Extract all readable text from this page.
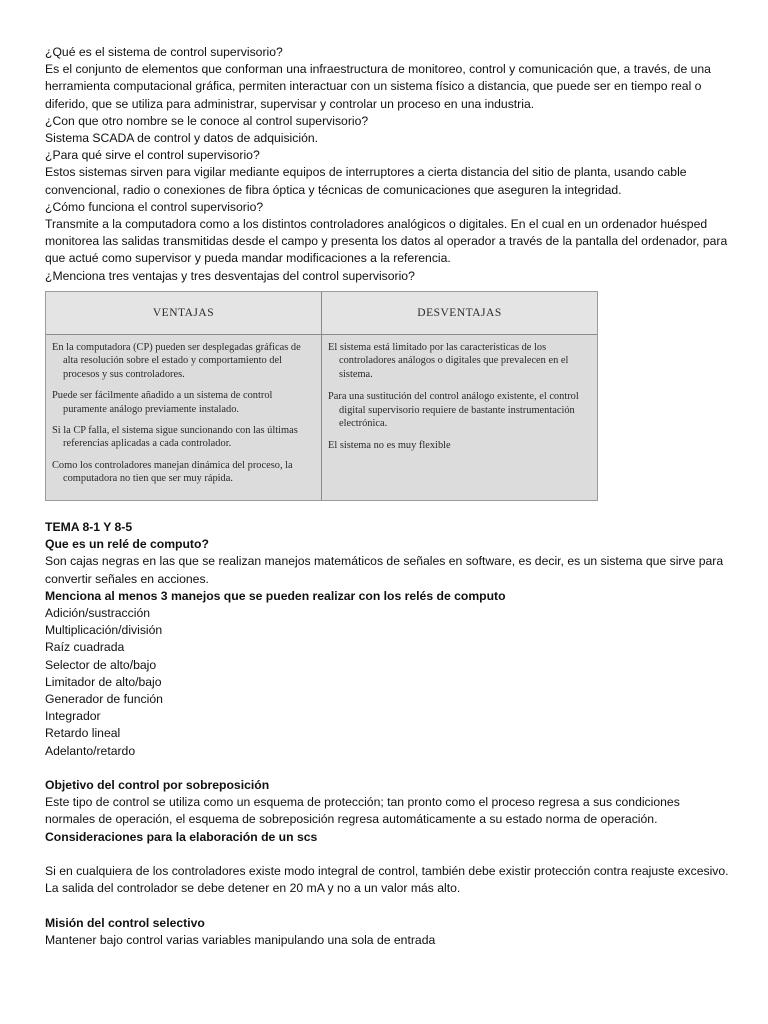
¿Qué es el sistema de control supervisorio?

Es el conjunto de elementos que conforman una infraestructura de monitoreo, control y comunicación que, a través, de una herramienta computacional gráfica, permiten interactuar con un sistema físico a distancia, que puede ser en tiempo real o diferido, que se utiliza para administrar, supervisar y controlar un proceso en una industria.

¿Con que otro nombre se le conoce al control supervisorio?

Sistema SCADA de control y datos de adquisición.

¿Para qué sirve el control supervisorio?

Estos sistemas sirven para vigilar mediante equipos de interruptores a cierta distancia del sitio de planta, usando cable convencional, radio o conexiones de fibra óptica y técnicas de comunicaciones que aseguren la integridad.

¿Cómo funciona el control supervisorio?

Transmite a la computadora como a los distintos controladores analógicos o digitales. En el cual en un ordenador huésped monitorea las salidas transmitidas desde el campo y presenta los datos al operador a través de la pantalla del ordenador, para que actué como supervisor y pueda mandar modificaciones a la referencia.

¿Menciona tres ventajas y tres desventajas del control supervisorio?

VENTAJAS	DESVENTAJAS
En la computadora (CP) pueden ser desplegadas gráficas de alta resolución sobre el estado y comportamiento del procesos y sus controladores.
Puede ser fácilmente añadido a un sistema de control puramente análogo previamente instalado.
Si la CP falla, el sistema sigue suncionando con las últimas referencias aplicadas a cada controlador.
Como los controladores manejan dinámica del proceso, la computadora no tien que ser muy rápida.
El sistema está limitado por las características de los controladores análogos o digitales que prevalecen en el sistema.
Para una sustitución del control análogo existente, el control digital supervisorio requiere de bastante instrumentación electrónica.
El sistema no es muy flexible

TEMA 8-1 Y 8-5

Que es un relé de computo?

Son cajas negras en las que se realizan manejos matemáticos de señales en software, es decir, es un sistema que sirve para convertir señales en acciones.

Menciona al menos 3 manejos que se pueden realizar con los relés de computo

Adición/sustracción

Multiplicación/división

Raíz cuadrada

Selector de alto/bajo

Limitador de alto/bajo

Generador de función

Integrador

Retardo lineal

Adelanto/retardo

Objetivo del control por sobreposición

Este tipo de control se utiliza como un esquema de protección; tan pronto como el proceso regresa a sus condiciones normales de operación, el esquema de sobreposición regresa automáticamente a su estado norma de operación.

Consideraciones para la elaboración de un scs

Si en cualquiera de los controladores existe modo integral de control, también debe existir protección contra reajuste excesivo.

La salida del controlador se debe detener en 20 mA y no a un valor más alto.

Misión del control selectivo

Mantener bajo control varias variables manipulando una sola de entrada
